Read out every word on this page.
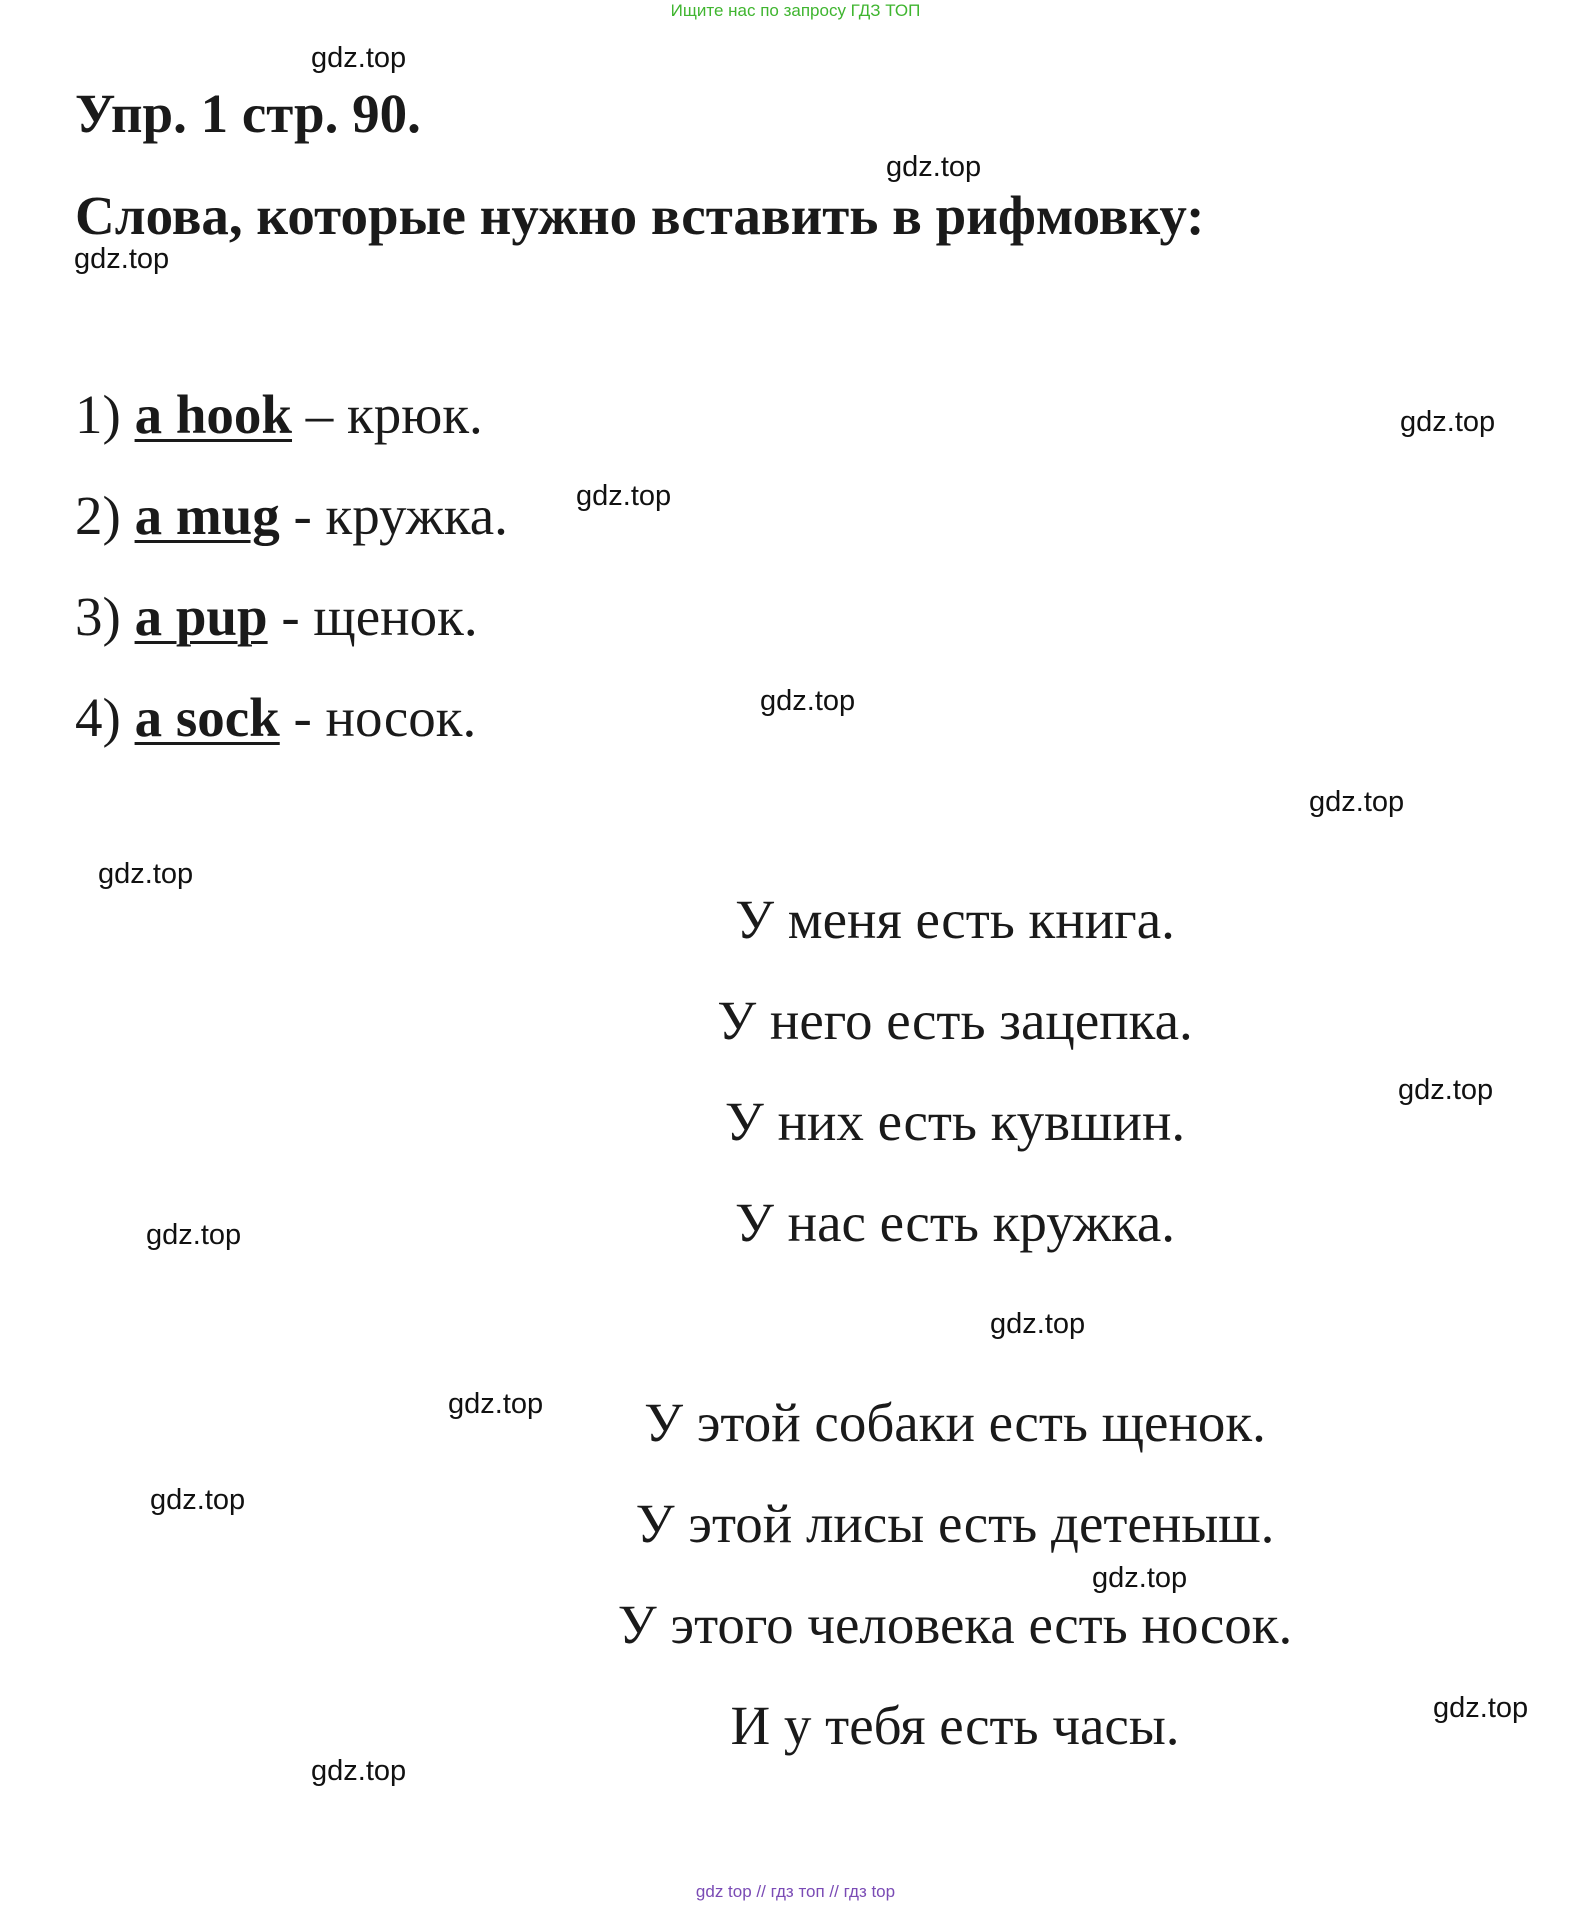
Ищите нас по запросу ГДЗ ТОП
gdz.top
gdz.top
gdz.top
gdz.top
gdz.top
gdz.top
gdz.top
gdz.top
gdz.top
gdz.top
gdz.top
gdz.top
gdz.top
gdz.top
gdz.top
gdz.top
Упр. 1 стр. 90.
Слова, которые нужно вставить в рифмовку:
1) a hook – крюк.
2) a mug - кружка.
3) a pup - щенок.
4) a sock - носок.
У меня есть книга.
У него есть зацепка.
У них есть кувшин.
У нас есть кружка.
У этой собаки есть щенок.
У этой лисы есть детеныш.
У этого человека есть носок.
И у тебя есть часы.
gdz top // гдз топ // гдз top
